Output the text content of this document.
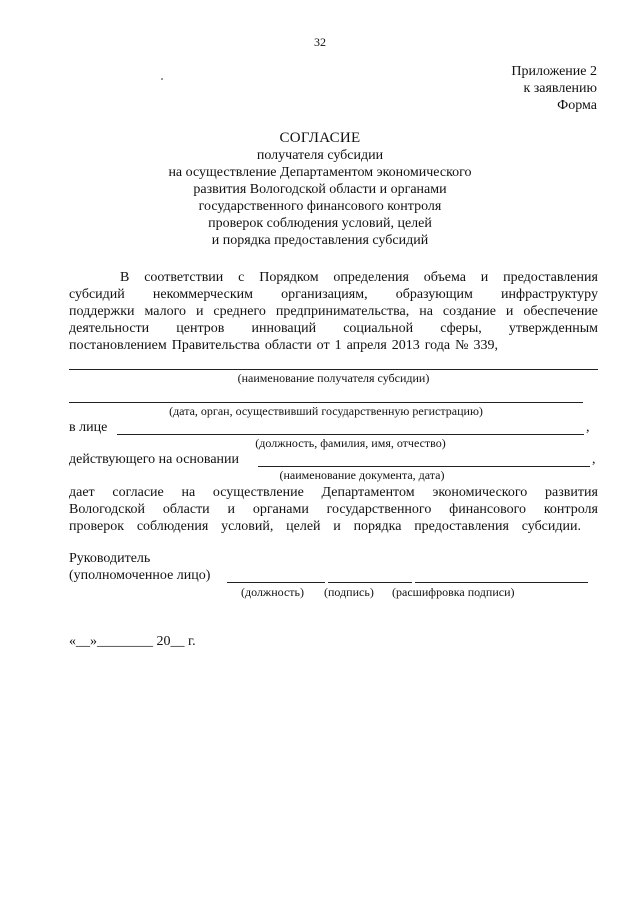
32
Приложение 2
к заявлению
Форма
СОГЛАСИЕ
получателя субсидии
на осуществление Департаментом экономического
развития Вологодской области и органами
государственного финансового контроля
проверок соблюдения условий, целей
и порядка предоставления субсидий
В соответствии с Порядком определения объема и предоставления
субсидий некоммерческим организациям, образующим инфраструктуру
поддержки малого и среднего предпринимательства, на создание и обеспечение
деятельности центров инноваций социальной сферы, утвержденным
постановлением Правительства области от 1 апреля 2013 года № 339,
(наименование получателя субсидии)
(дата, орган, осуществивший государственную регистрацию)
в лице	,
(должность, фамилия, имя, отчество)
действующего на основании	,
(наименование документа, дата)
дает согласие на осуществление Департаментом экономического развития
Вологодской области и органами государственного финансового контроля
проверок соблюдения условий, целей и порядка предоставления субсидии.
Руководитель
(уполномоченное лицо)
(должность) (подпись) (расшифровка подписи)
«__»________ 20__ г.
